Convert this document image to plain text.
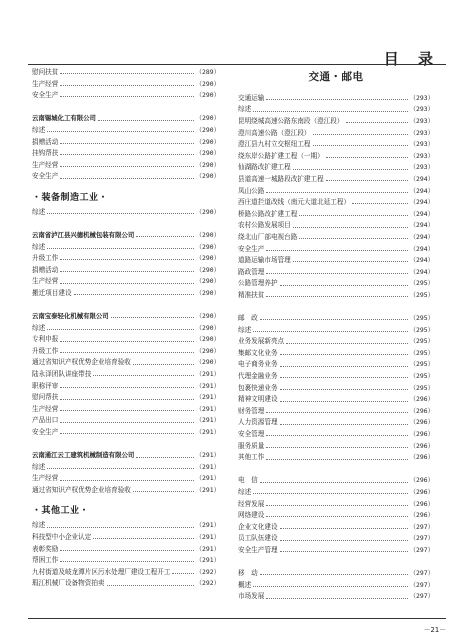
目 录
慰问扶贫	（289）
生产经营	（290）
安全生产	（290）
云南锡城化工有限公司	（290）
综述	（290）
捐赠活动	（290）
挂钩帮扶	（290）
生产经营	（290）
安全生产	（290）
・装备制造工业・
综述	（290）
云南省泸江县兴德机械包装有限公司	（290）
综述	（290）
升级工作	（290）
捐赠活动	（290）
生产经营	（290）
搬迁项目建设	（290）
云南宝泰轻化机械有限公司	（290）
综述	（290）
专利申报	（290）
升级工作	（290）
通过省知识产权优势企业培育验收	（290）
陆永泽团队讲座带技	（291）
职称评审	（291）
慰问帮扶	（291）
生产经营	（291）
产品出口	（291）
安全生产	（291）
云南通江云工建筑机械制造有限公司	（291）
综述	（291）
生产经营	（291）
通过省知识产权优势企业培育验收	（291）
・其他工业・
综述	（291）
科技型中小企业认定	（291）
表彰奖励	（291）
帮困工作	（291）
九村街道及岐龙潭片区污水处理厂建设工程开工	（292）
瑕江机械厂设备物资拍卖	（292）
交通・邮电
交通运输	（293）
综述	（293）
昆明绕城高速公路东南段（澄江段）	（293）
澄川高速公路（澄江段）	（293）
澄江县九村立交枢纽工程	（293）
绕东岸公路扩建工程（一期）	（293）
仙湖路改扩建工程	（293）
县道高速一城路段改扩建工程	（294）
凤山公路	（294）
西庄道拦道改线（南元大道北延工程）	（294）
桥路公路改扩建工程	（294）
农村公路发展项目	（294）
绕北山厂部电视台路	（294）
安全生产	（294）
道路运输市场管理	（294）
路政管理	（294）
公路管理养护	（295）
精准扶贫	（295）
邮　政	（295）
综述	（295）
业务发展新亮点	（295）
集邮文化业务	（295）
电子商务业务	（295）
代理金融业务	（295）
包裹快递业务	（295）
精神文明建设	（296）
财务管理	（296）
人力资源管理	（296）
安全管理	（296）
服务质量	（296）
其他工作	（296）
电　信	（296）
综述	（296）
经营发展	（296）
网络建设	（296）
企业文化建设	（297）
员工队伍建设	（297）
安全生产管理	（297）
移　动	（297）
概述	（297）
市场发展	（297）
－21－
